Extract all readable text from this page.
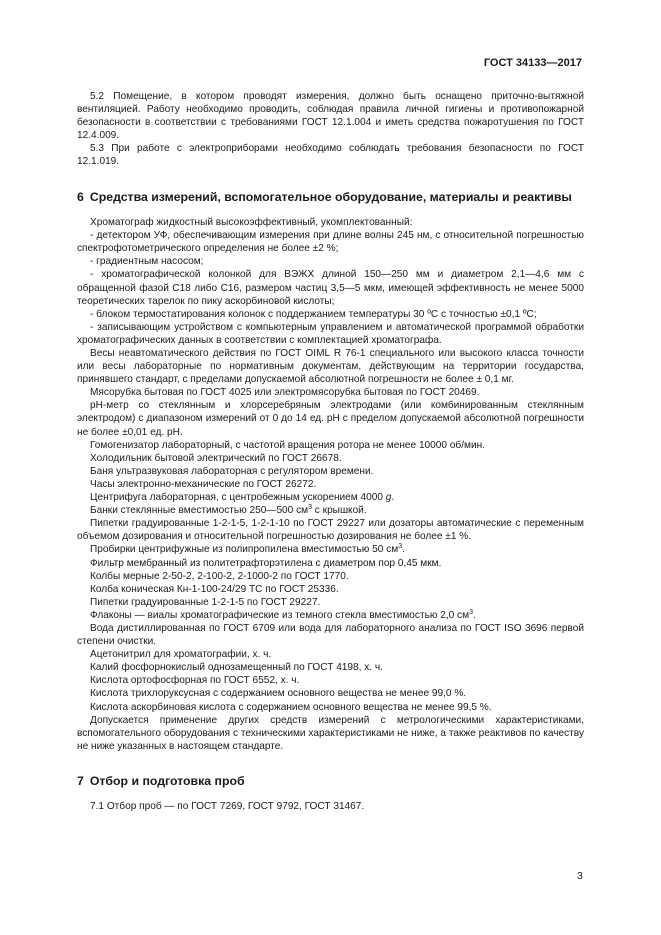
ГОСТ 34133—2017

5.2 Помещение, в котором проводят измерения, должно быть оснащено приточно-вытяжной вентиляцией. Работу необходимо проводить, соблюдая правила личной гигиены и противопожарной безопасности в соответствии с требованиями ГОСТ 12.1.004 и иметь средства пожаротушения по ГОСТ 12.4.009.

5.3 При работе с электроприборами необходимо соблюдать требования безопасности по ГОСТ 12.1.019.

6 Средства измерений, вспомогательное оборудование, материалы и реактивы

Хроматограф жидкостный высокоэффективный, укомплектованный:

- детектором УФ, обеспечивающим измерения при длине волны 245 нм, с относительной погрешностью спектрофотометрического определения не более ±2 %;

- градиентным насосом;

- хроматографической колонкой для ВЭЖХ длиной 150—250 мм и диаметром 2,1—4,6 мм с обращенной фазой С18 либо С16, размером частиц 3,5—5 мкм, имеющей эффективность не менее 5000 теоретических тарелок по пику аскорбиновой кислоты;

- блоком термостатирования колонок с поддержанием температуры 30 ºС с точностью ±0,1 ºС;

- записывающим устройством с компьютерным управлением и автоматической программой обработки хроматографических данных в соответствии с комплектацией хроматографа.

Весы неавтоматического действия по ГОСТ OIML R 76-1 специального или высокого класса точности или весы лабораторные по нормативным документам, действующим на территории государства, принявшего стандарт, с пределами допускаемой абсолютной погрешности не более ± 0,1 мг.

Мясорубка бытовая по ГОСТ 4025 или электромясорубка бытовая по ГОСТ 20469.

рН-метр со стеклянным и хлорсеребряным электродами (или комбинированным стеклянным электродом) с диапазоном измерений от 0 до 14 ед. рН с пределом допускаемой абсолютной погрешности не более ±0,01 ед. рН.

Гомогенизатор лабораторный, с частотой вращения ротора не менее 10000 об/мин.

Холодильник бытовой электрический по ГОСТ 26678.

Баня ультразвуковая лабораторная с регулятором времени.

Часы электронно-механические по ГОСТ 26272.

Центрифуга лабораторная, с центробежным ускорением 4000 g.

Банки стеклянные вместимостью 250—500 $см^3$ с крышкой.

Пипетки градуированные 1-2-1-5, 1-2-1-10 по ГОСТ 29227 или дозаторы автоматические с переменным объемом дозирования и относительной погрешностью дозирования не более ±1 %.

Пробирки центрифужные из полипропилена вместимостью 50 $см^3$.

Фильтр мембранный из политетрафторэтилена с диаметром пор 0,45 мкм.

Колбы мерные 2-50-2, 2-100-2, 2-1000-2 по ГОСТ 1770.

Колба коническая Кн-1-100-24/29 ТС по ГОСТ 25336.

Пипетки градуированные 1-2-1-5 по ГОСТ 29227.

Флаконы — виалы хроматографические из темного стекла вместимостью 2,0 $см^3$.

Вода дистиллированная по ГОСТ 6709 или вода для лабораторного анализа по ГОСТ ISO 3696 первой степени очистки.

Ацетонитрил для хроматографии, х. ч.

Калий фосфорнокислый однозамещенный по ГОСТ 4198, х. ч.

Кислота ортофосфорная по ГОСТ 6552, х. ч.

Кислота трихлоруксусная с содержанием основного вещества не менее 99,0 %.

Кислота аскорбиновая кислота с содержанием основного вещества не менее 99,5 %.

Допускается применение других средств измерений с метрологическими характеристиками, вспомогательного оборудования с техническими характеристиками не ниже, а также реактивов по качеству не ниже указанных в настоящем стандарте.

7 Отбор и подготовка проб

7.1 Отбор проб — по ГОСТ 7269, ГОСТ 9792, ГОСТ 31467.

3
